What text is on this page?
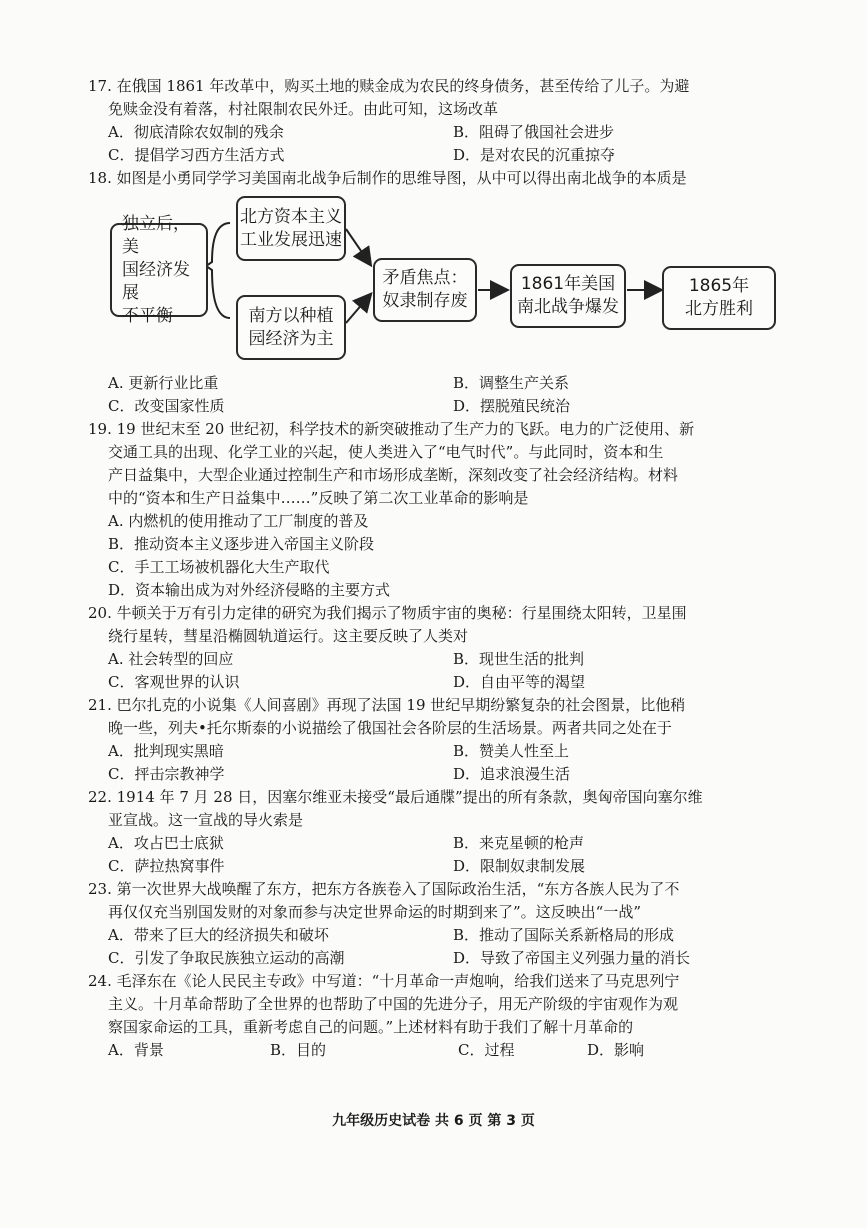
17. 在俄国 1861 年改革中，购买土地的赎金成为农民的终身债务，甚至传给了儿子。为避
免赎金没有着落，村社限制农民外迁。由此可知，这场改革
A．彻底清除农奴制的残余	B．阻碍了俄国社会进步
C．提倡学习西方生活方式	D．是对农民的沉重掠夺
18. 如图是小勇同学学习美国南北战争后制作的思维导图，从中可以得出南北战争的本质是
独立后，美
国经济发展
不平衡
北方资本主义
工业发展迅速
南方以种植
园经济为主
矛盾焦点：
奴隶制存废
1861年美国
南北战争爆发
1865年
北方胜利
A. 更新行业比重	B．调整生产关系
C．改变国家性质	D．摆脱殖民统治
19. 19 世纪末至 20 世纪初，科学技术的新突破推动了生产力的飞跃。电力的广泛使用、新
交通工具的出现、化学工业的兴起，使人类进入了“电气时代”。与此同时，资本和生
产日益集中，大型企业通过控制生产和市场形成垄断，深刻改变了社会经济结构。材料
中的“资本和生产日益集中……”反映了第二次工业革命的影响是
A. 内燃机的使用推动了工厂制度的普及
B．推动资本主义逐步进入帝国主义阶段
C．手工工场被机器化大生产取代
D．资本输出成为对外经济侵略的主要方式
20. 牛顿关于万有引力定律的研究为我们揭示了物质宇宙的奥秘：行星围绕太阳转，卫星围
绕行星转，彗星沿椭圆轨道运行。这主要反映了人类对
A. 社会转型的回应	B．现世生活的批判
C．客观世界的认识	D．自由平等的渴望
21. 巴尔扎克的小说集《人间喜剧》再现了法国 19 世纪早期纷繁复杂的社会图景，比他稍
晚一些，列夫•托尔斯泰的小说描绘了俄国社会各阶层的生活场景。两者共同之处在于
A．批判现实黑暗	B．赞美人性至上
C．抨击宗教神学	D．追求浪漫生活
22. 1914 年 7 月 28 日，因塞尔维亚未接受“最后通牒”提出的所有条款，奥匈帝国向塞尔维
亚宣战。这一宣战的导火索是
A．攻占巴士底狱	B．来克星顿的枪声
C．萨拉热窝事件	D．限制奴隶制发展
23. 第一次世界大战唤醒了东方，把东方各族卷入了国际政治生活，“东方各族人民为了不
再仅仅充当别国发财的对象而参与决定世界命运的时期到来了”。这反映出“一战”
A．带来了巨大的经济损失和破坏	B．推动了国际关系新格局的形成
C．引发了争取民族独立运动的高潮	D．导致了帝国主义列强力量的消长
24. 毛泽东在《论人民民主专政》中写道：“十月革命一声炮响，给我们送来了马克思列宁
主义。十月革命帮助了全世界的也帮助了中国的先进分子，用无产阶级的宇宙观作为观
察国家命运的工具，重新考虑自己的问题。”上述材料有助于我们了解十月革命的
A．背景	B．目的	C．过程	D．影响
九年级历史试卷 共 6 页 第 3 页
